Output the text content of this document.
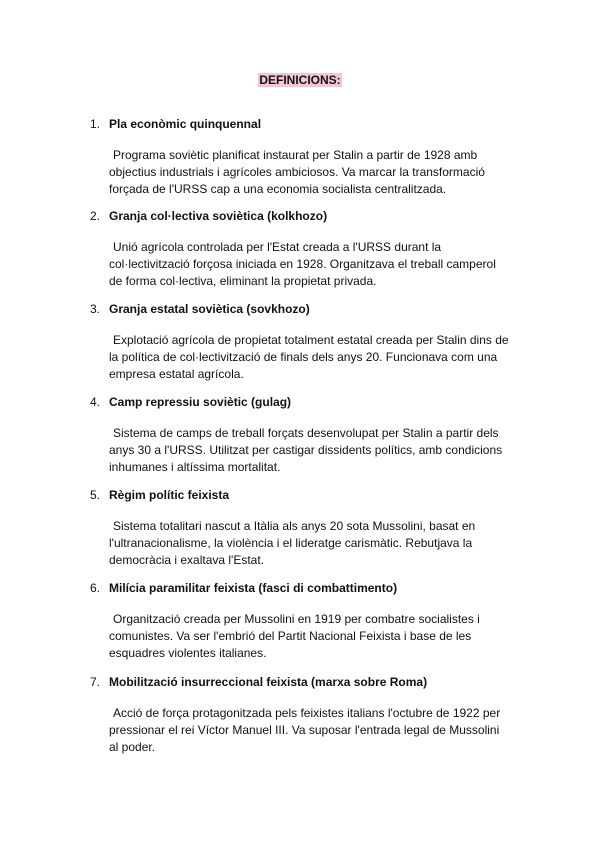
DEFINICIONS:
1. Pla econòmic quinquennal
Programa soviètic planificat instaurat per Stalin a partir de 1928 amb objectius industrials i agrícoles ambiciosos. Va marcar la transformació forçada de l'URSS cap a una economia socialista centralitzada.
2. Granja col·lectiva soviètica (kolkhozo)
Unió agrícola controlada per l'Estat creada a l'URSS durant la col·lectivització forçosa iniciada en 1928. Organitzava el treball camperol de forma col·lectiva, eliminant la propietat privada.
3. Granja estatal soviètica (sovkhozo)
Explotació agrícola de propietat totalment estatal creada per Stalin dins de la política de col·lectivització de finals dels anys 20. Funcionava com una empresa estatal agrícola.
4. Camp repressiu soviètic (gulag)
Sistema de camps de treball forçats desenvolupat per Stalin a partir dels anys 30 a l'URSS. Utilitzat per castigar dissidents polítics, amb condicions inhumanes i altíssima mortalitat.
5. Règim polític feixista
Sistema totalitari nascut a Itàlia als anys 20 sota Mussolini, basat en l'ultranacionalisme, la violència i el lideratge carismàtic. Rebutjava la democràcia i exaltava l'Estat.
6. Milícia paramilitar feixista (fasci di combattimento)
Organització creada per Mussolini en 1919 per combatre socialistes i comunistes. Va ser l'embrió del Partit Nacional Feixista i base de les esquadres violentes italianes.
7. Mobilització insurreccional feixista (marxa sobre Roma)
Acció de força protagonitzada pels feixistes italians l'octubre de 1922 per pressionar el rei Víctor Manuel III. Va suposar l'entrada legal de Mussolini al poder.
